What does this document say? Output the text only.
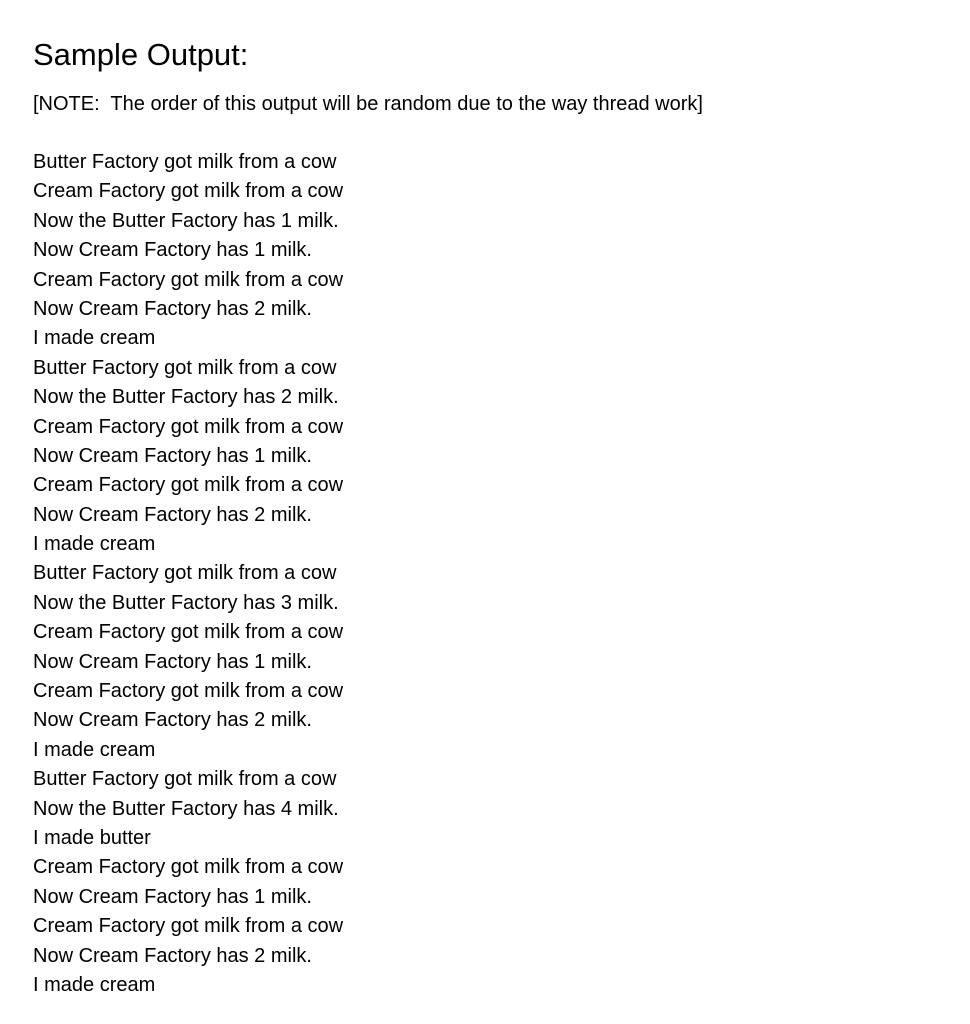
Sample Output:

[NOTE:  The order of this output will be random due to the way thread work]

Butter Factory got milk from a cow
Cream Factory got milk from a cow
Now the Butter Factory has 1 milk.
Now Cream Factory has 1 milk.
Cream Factory got milk from a cow
Now Cream Factory has 2 milk.
I made cream
Butter Factory got milk from a cow
Now the Butter Factory has 2 milk.
Cream Factory got milk from a cow
Now Cream Factory has 1 milk.
Cream Factory got milk from a cow
Now Cream Factory has 2 milk.
I made cream
Butter Factory got milk from a cow
Now the Butter Factory has 3 milk.
Cream Factory got milk from a cow
Now Cream Factory has 1 milk.
Cream Factory got milk from a cow
Now Cream Factory has 2 milk.
I made cream
Butter Factory got milk from a cow
Now the Butter Factory has 4 milk.
I made butter
Cream Factory got milk from a cow
Now Cream Factory has 1 milk.
Cream Factory got milk from a cow
Now Cream Factory has 2 milk.
I made cream
